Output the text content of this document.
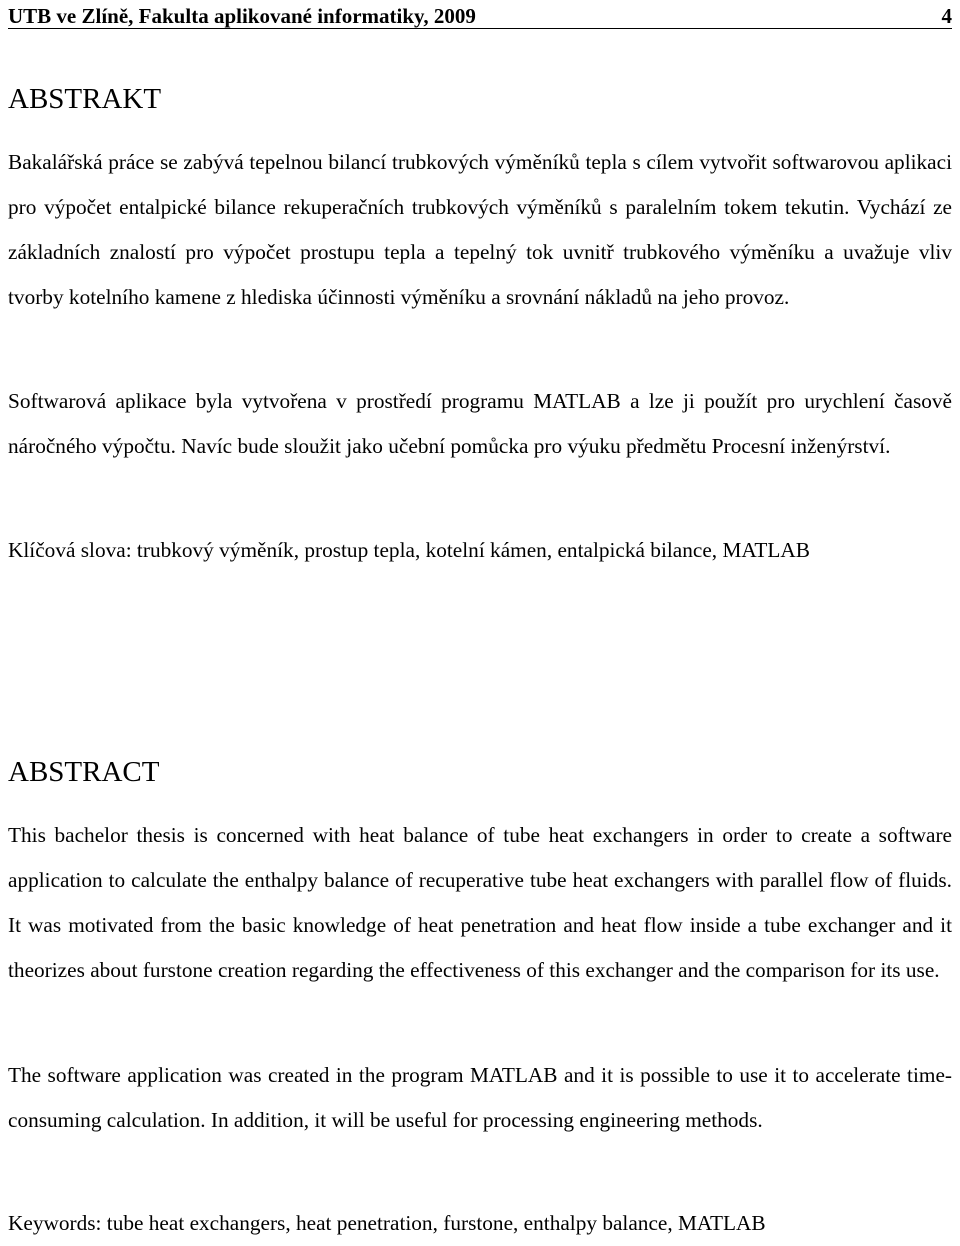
UTB ve Zlíně, Fakulta aplikované informatiky, 2009	4
ABSTRAKT

Bakalářská práce se zabývá tepelnou bilancí trubkových výměníků tepla s cílem vytvořit softwarovou aplikaci pro výpočet entalpické bilance rekuperačních trubkových výměníků s paralelním tokem tekutin. Vychází ze základních znalostí pro výpočet prostupu tepla a tepelný tok uvnitř trubkového výměníku a uvažuje vliv tvorby kotelního kamene z hlediska účinnosti výměníku a srovnání nákladů na jeho provoz.

Softwarová aplikace byla vytvořena v prostředí programu MATLAB a lze ji použít pro urychlení časově náročného výpočtu. Navíc bude sloužit jako učební pomůcka pro výuku předmětu Procesní inženýrství.

Klíčová slova: trubkový výměník, prostup tepla, kotelní kámen, entalpická bilance, MATLAB

ABSTRACT

This bachelor thesis is concerned with heat balance of tube heat exchangers in order to create a software application to calculate the enthalpy balance of recuperative tube heat exchangers with parallel flow of fluids. It was motivated from the basic knowledge of heat penetration and heat flow inside a tube exchanger and it theorizes about furstone creation regarding the effectiveness of this exchanger and the comparison for its use.

The software application was created in the program MATLAB and it is possible to use it to accelerate time-consuming calculation. In addition, it will be useful for processing engineering methods.

Keywords: tube heat exchangers, heat penetration, furstone, enthalpy balance, MATLAB
